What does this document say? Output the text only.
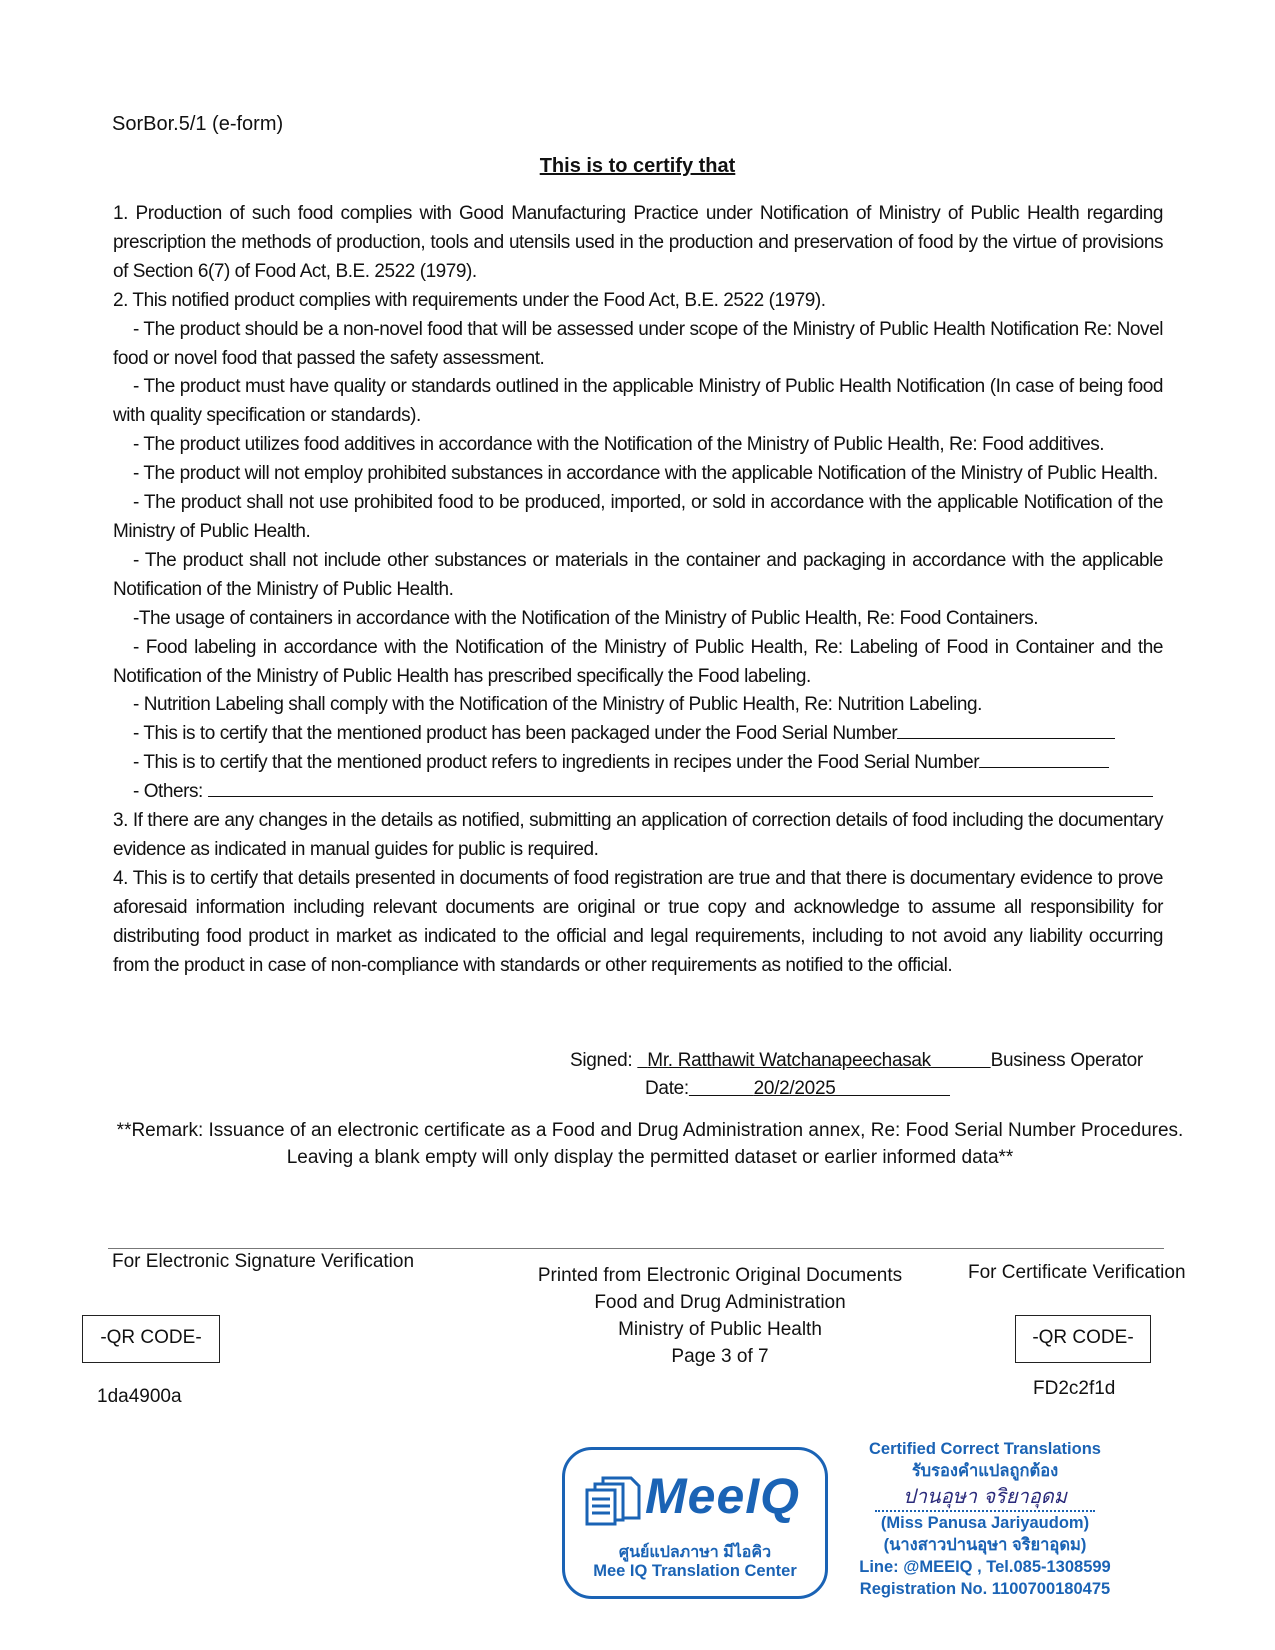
SorBor.5/1 (e-form)
This is to certify that

1. Production of such food complies with Good Manufacturing Practice under Notification of Ministry of Public Health regarding prescription the methods of production, tools and utensils used in the production and preservation of food by the virtue of provisions of Section 6(7) of Food Act, B.E. 2522 (1979).

2. This notified product complies with requirements under the Food Act, B.E. 2522 (1979).

- The product should be a non-novel food that will be assessed under scope of the Ministry of Public Health Notification Re: Novel food or novel food that passed the safety assessment.

- The product must have quality or standards outlined in the applicable Ministry of Public Health Notification (In case of being food with quality specification or standards).

- The product utilizes food additives in accordance with the Notification of the Ministry of Public Health, Re: Food additives.

- The product will not employ prohibited substances in accordance with the applicable Notification of the Ministry of Public Health.

- The product shall not use prohibited food to be produced, imported, or sold in accordance with the applicable Notification of the Ministry of Public Health.

- The product shall not include other substances or materials in the container and packaging in accordance with the applicable Notification of the Ministry of Public Health.

-The usage of containers in accordance with the Notification of the Ministry of Public Health, Re: Food Containers.

- Food labeling in accordance with the Notification of the Ministry of Public Health, Re: Labeling of Food in Container and the Notification of the Ministry of Public Health has prescribed specifically the Food labeling.

- Nutrition Labeling shall comply with the Notification of the Ministry of Public Health, Re: Nutrition Labeling.

- This is to certify that the mentioned product has been packaged under the Food Serial Number

- This is to certify that the mentioned product refers to ingredients in recipes under the Food Serial Number

- Others:

3. If there are any changes in the details as notified, submitting an application of correction details of food including the documentary evidence as indicated in manual guides for public is required.

4. This is to certify that details presented in documents of food registration are true and that there is documentary evidence to prove aforesaid information including relevant documents are original or true copy and acknowledge to assume all responsibility for distributing food product in market as indicated to the official and legal requirements, including to not avoid any liability occurring from the product in case of non-compliance with standards or other requirements as notified to the official.

Signed: Mr. Ratthawit Watchanapeechasak	Business Operator
Date:	20/2/2025
**Remark: Issuance of an electronic certificate as a Food and Drug Administration annex, Re: Food Serial Number Procedures. Leaving a blank empty will only display the permitted dataset or earlier informed data**
For Electronic Signature Verification
Printed from Electronic Original Documents
Food and Drug Administration
Ministry of Public Health
Page 3 of 7
For Certificate Verification
-QR CODE-	-QR CODE-
1da4900a	FD2c2f1d
MeeIQ
ศูนย์แปลภาษา มีไอคิว
Mee IQ Translation Center
Certified Correct Translations
รับรองคำแปลถูกต้อง
ปานอุษา จริยาอุดม
(Miss Panusa Jariyaudom)
(นางสาวปานอุษา จริยาอุดม)
Line: @MEEIQ , Tel.085-1308599
Registration No. 1100700180475
